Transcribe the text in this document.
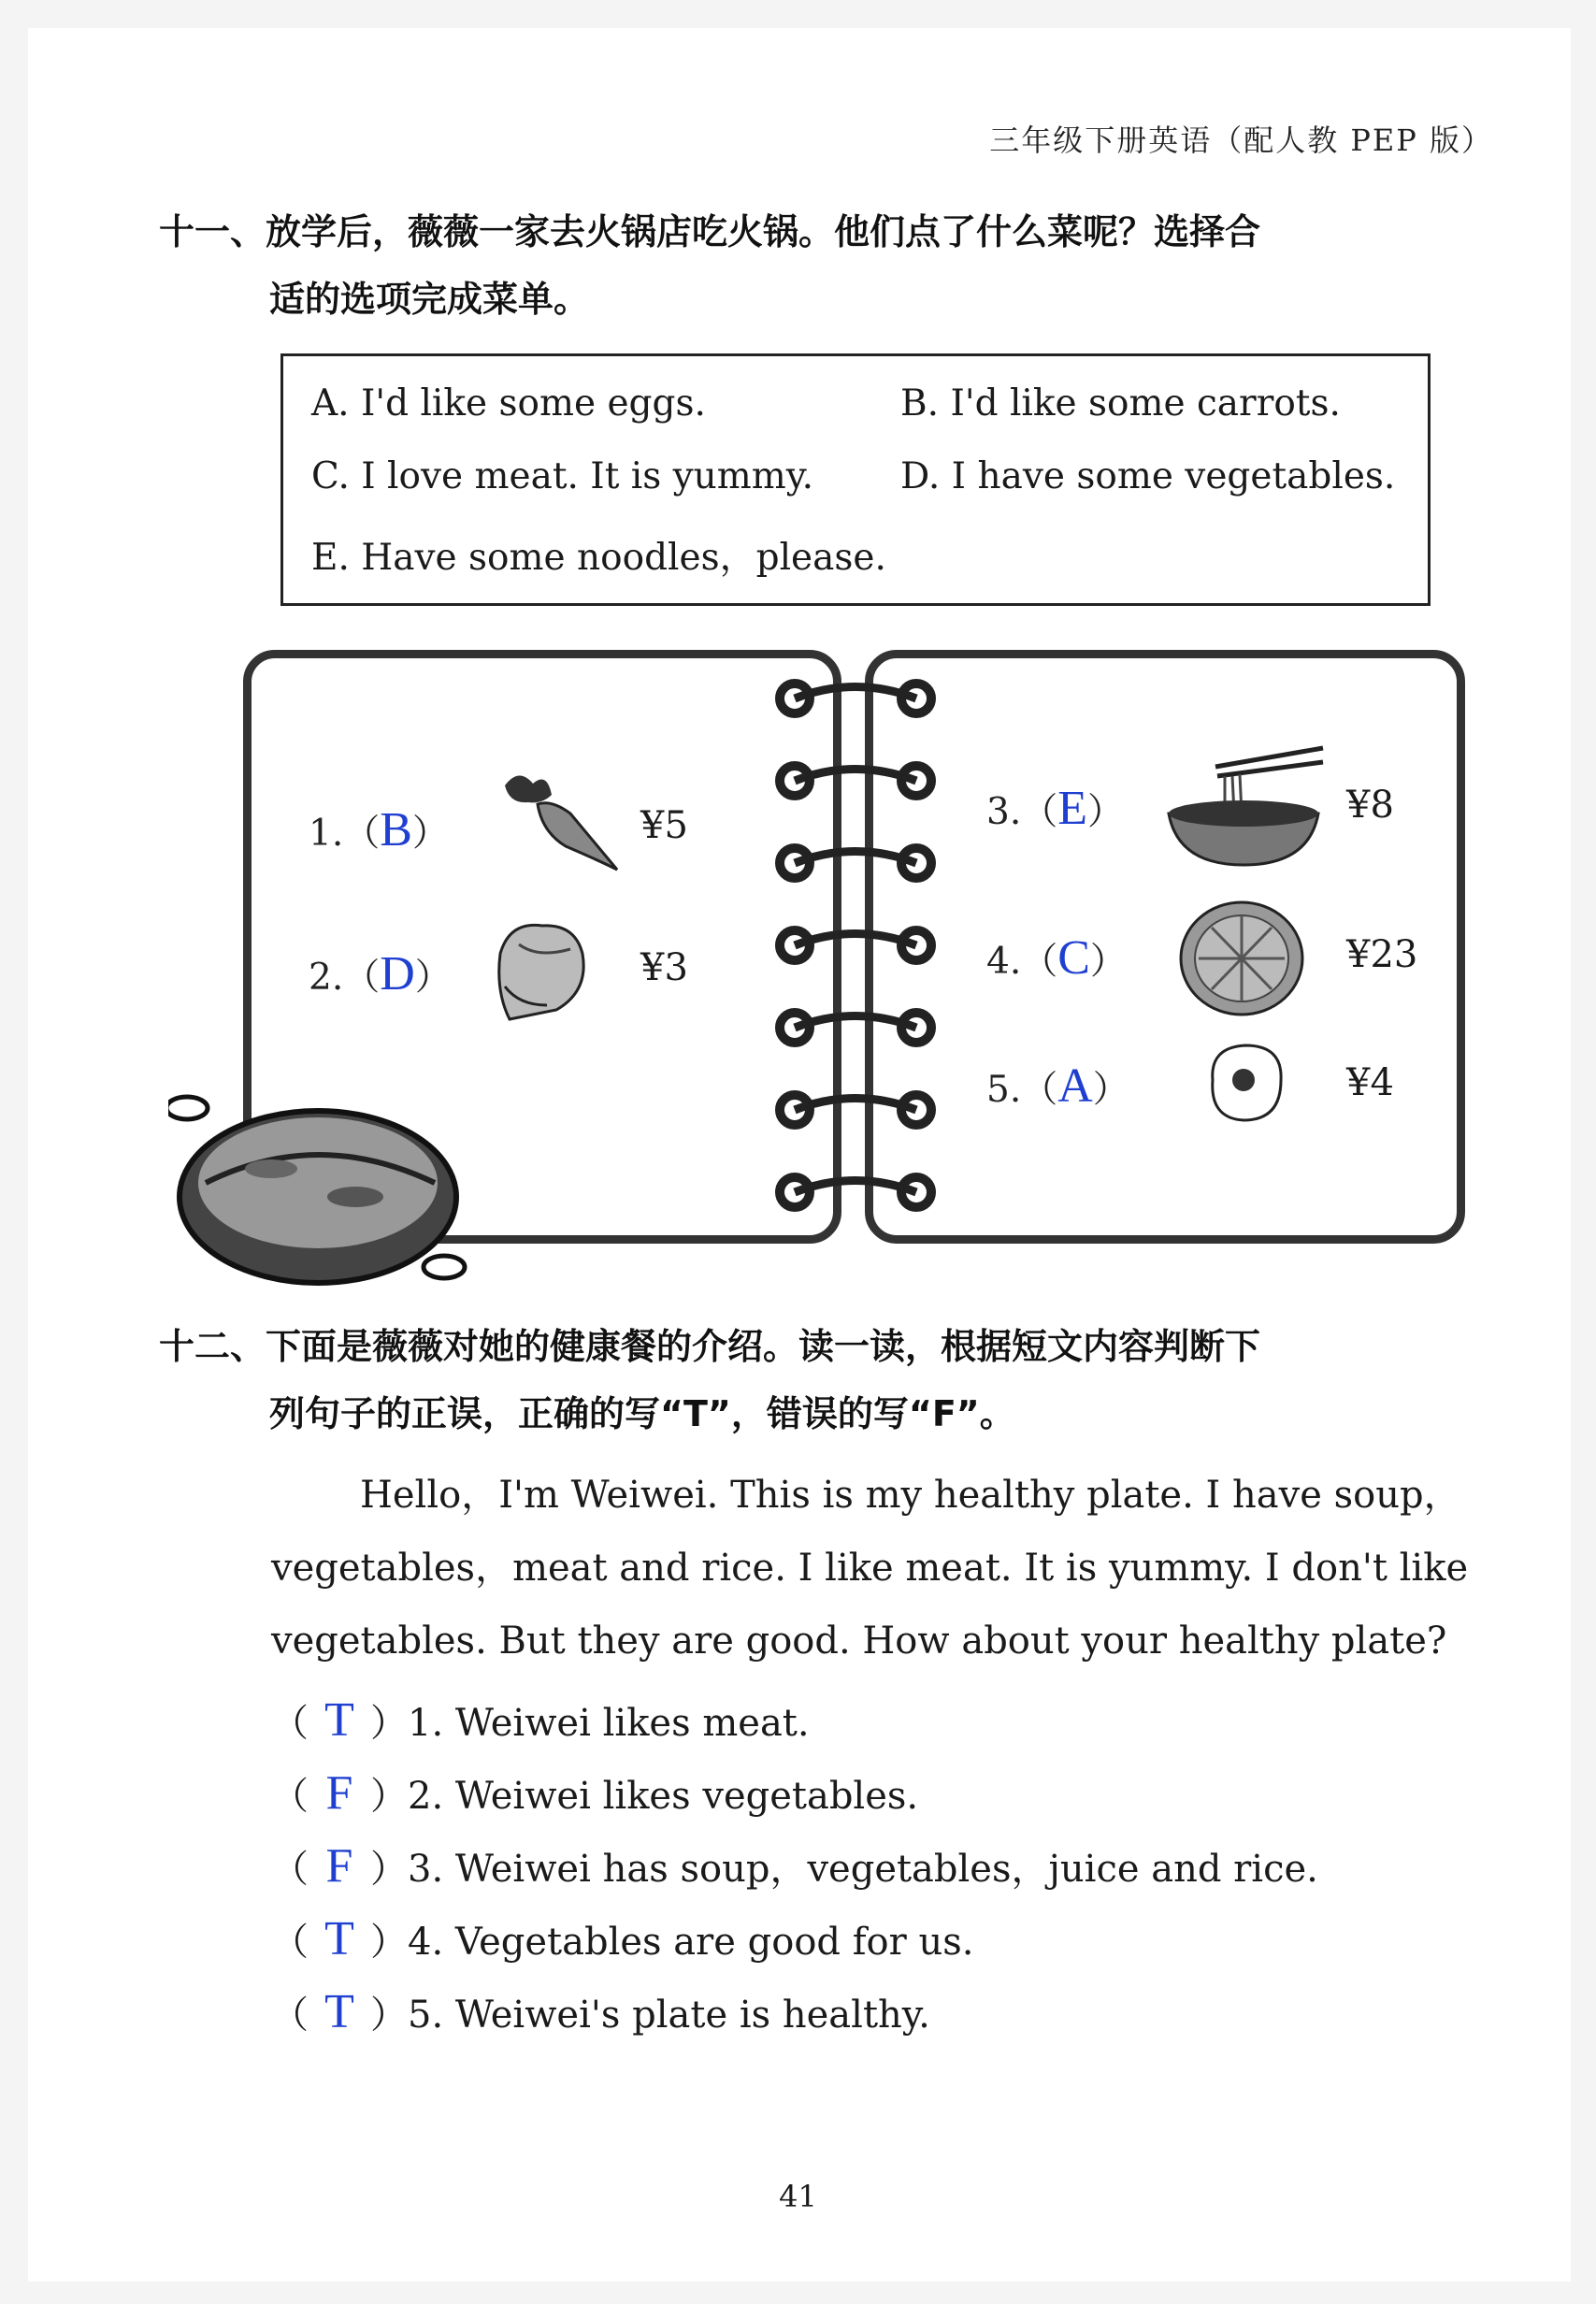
三年级下册英语（配人教 PEP 版）
十一、放学后，薇薇一家去火锅店吃火锅。他们点了什么菜呢？选择合
适的选项完成菜单。
A. I'd like some eggs.	B. I'd like some carrots.
C. I love meat. It is yummy. D. I have some vegetables.
E. Have some noodles，please.
1.（B）	¥5
2.（D）	¥3
3.（E）	¥8
4.（C）	¥23
5.（A）	¥4
十二、下面是薇薇对她的健康餐的介绍。读一读，根据短文内容判断下
列句子的正误，正确的写“T”，错误的写“F”。
Hello，I'm Weiwei. This is my healthy plate. I have soup，vegetables，meat and rice. I like meat. It is yummy. I don't like vegetables. But they are good. How about your healthy plate?
（ T ）1. Weiwei likes meat.
（ F ）2. Weiwei likes vegetables.
（ F ）3. Weiwei has soup，vegetables，juice and rice.
（ T ）4. Vegetables are good for us.
（ T ）5. Weiwei's plate is healthy.
41
